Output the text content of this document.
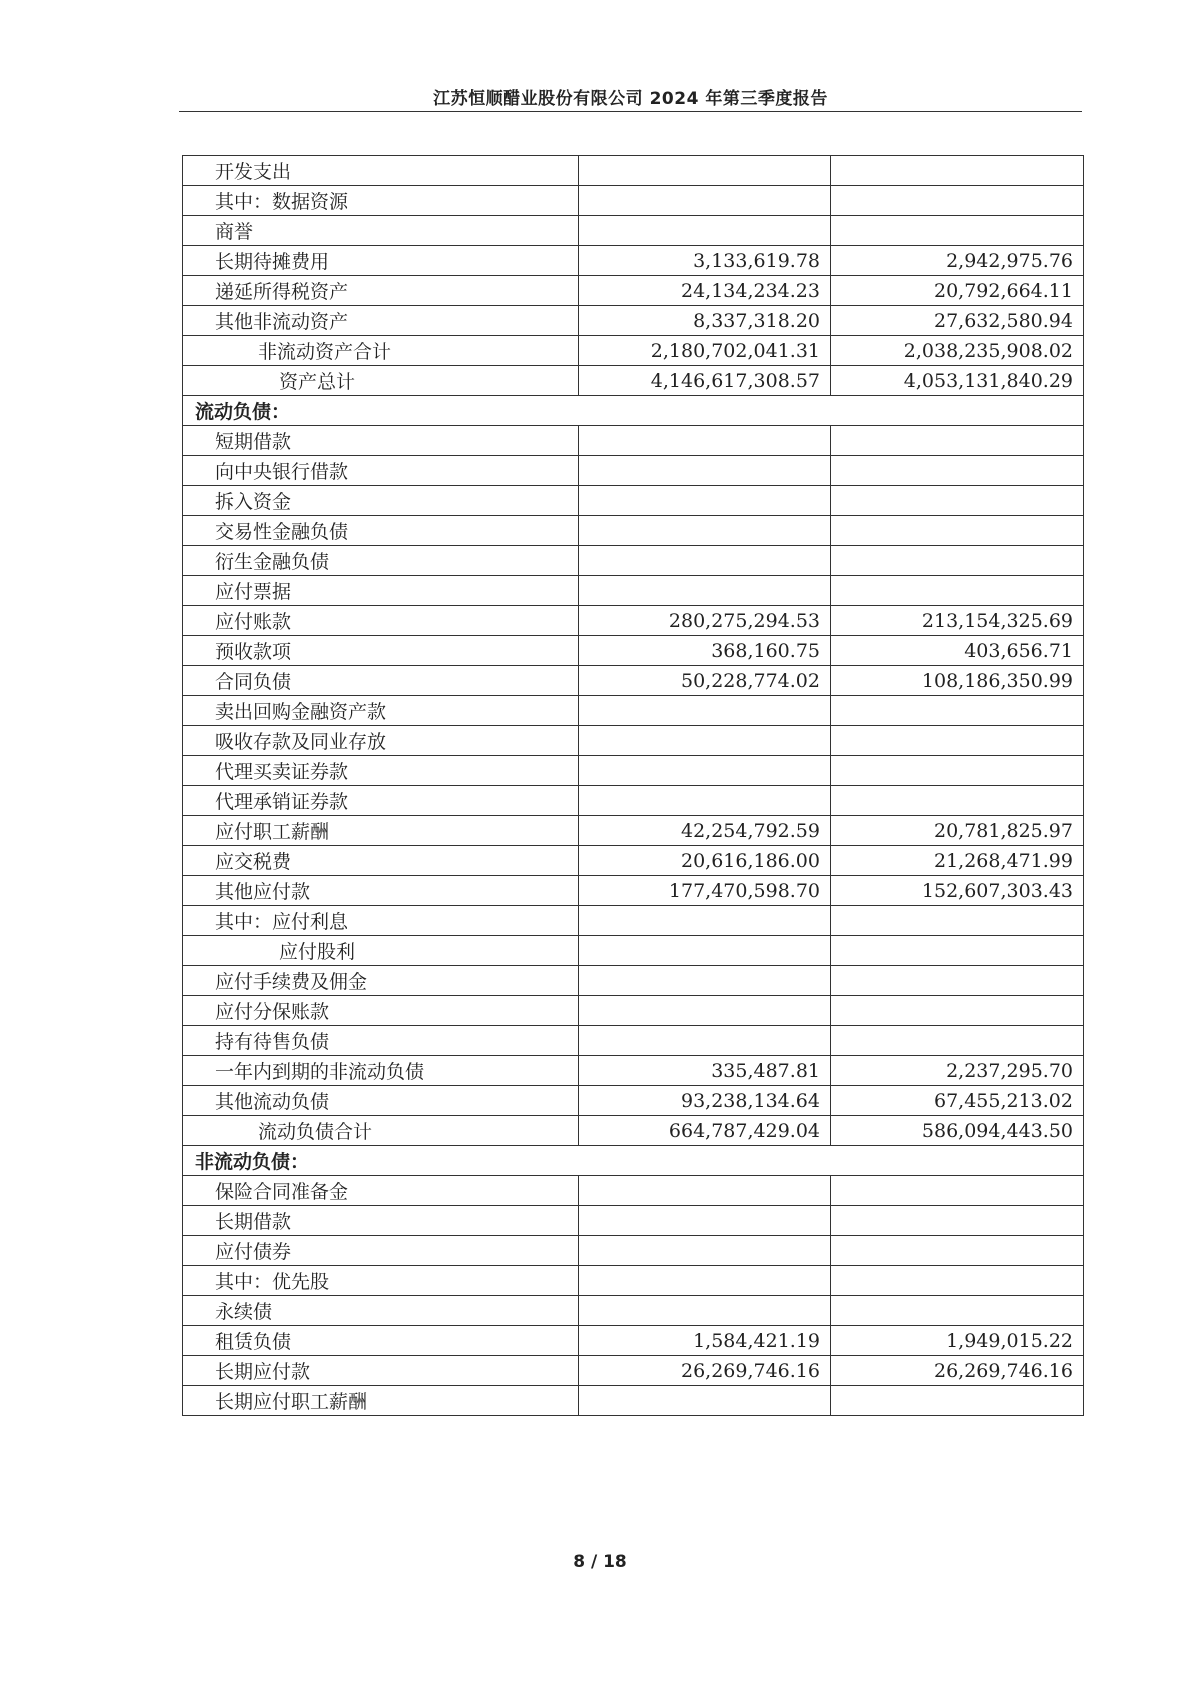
江苏恒顺醋业股份有限公司 2024 年第三季度报告
开发支出		
其中：数据资源		
商誉		
长期待摊费用	3,133,619.78	2,942,975.76
递延所得税资产	24,134,234.23	20,792,664.11
其他非流动资产	8,337,318.20	27,632,580.94
非流动资产合计	2,180,702,041.31	2,038,235,908.02
资产总计	4,146,617,308.57	4,053,131,840.29
流动负债：		
短期借款		
向中央银行借款		
拆入资金		
交易性金融负债		
衍生金融负债		
应付票据		
应付账款	280,275,294.53	213,154,325.69
预收款项	368,160.75	403,656.71
合同负债	50,228,774.02	108,186,350.99
卖出回购金融资产款		
吸收存款及同业存放		
代理买卖证券款		
代理承销证券款		
应付职工薪酬	42,254,792.59	20,781,825.97
应交税费	20,616,186.00	21,268,471.99
其他应付款	177,470,598.70	152,607,303.43
其中：应付利息		
应付股利		
应付手续费及佣金		
应付分保账款		
持有待售负债		
一年内到期的非流动负债	335,487.81	2,237,295.70
其他流动负债	93,238,134.64	67,455,213.02
流动负债合计	664,787,429.04	586,094,443.50
非流动负债：		
保险合同准备金		
长期借款		
应付债券		
其中：优先股		
永续债		
租赁负债	1,584,421.19	1,949,015.22
长期应付款	26,269,746.16	26,269,746.16
长期应付职工薪酬		
8 / 18
